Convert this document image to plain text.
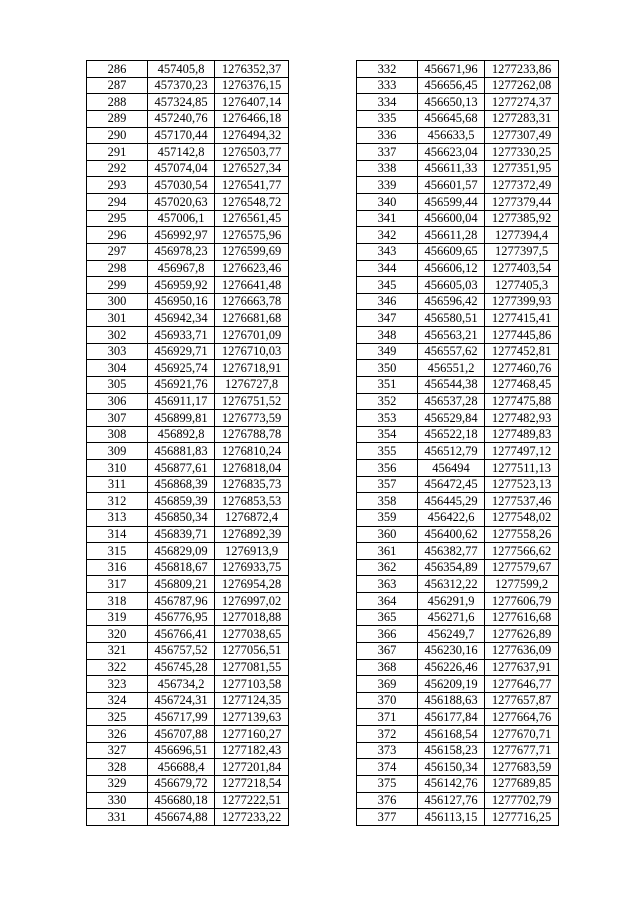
286	457405,8	1276352,37
287	457370,23	1276376,15
288	457324,85	1276407,14
289	457240,76	1276466,18
290	457170,44	1276494,32
291	457142,8	1276503,77
292	457074,04	1276527,34
293	457030,54	1276541,77
294	457020,63	1276548,72
295	457006,1	1276561,45
296	456992,97	1276575,96
297	456978,23	1276599,69
298	456967,8	1276623,46
299	456959,92	1276641,48
300	456950,16	1276663,78
301	456942,34	1276681,68
302	456933,71	1276701,09
303	456929,71	1276710,03
304	456925,74	1276718,91
305	456921,76	1276727,8
306	456911,17	1276751,52
307	456899,81	1276773,59
308	456892,8	1276788,78
309	456881,83	1276810,24
310	456877,61	1276818,04
311	456868,39	1276835,73
312	456859,39	1276853,53
313	456850,34	1276872,4
314	456839,71	1276892,39
315	456829,09	1276913,9
316	456818,67	1276933,75
317	456809,21	1276954,28
318	456787,96	1276997,02
319	456776,95	1277018,88
320	456766,41	1277038,65
321	456757,52	1277056,51
322	456745,28	1277081,55
323	456734,2	1277103,58
324	456724,31	1277124,35
325	456717,99	1277139,63
326	456707,88	1277160,27
327	456696,51	1277182,43
328	456688,4	1277201,84
329	456679,72	1277218,54
330	456680,18	1277222,51
331	456674,88	1277233,22
332	456671,96	1277233,86
333	456656,45	1277262,08
334	456650,13	1277274,37
335	456645,68	1277283,31
336	456633,5	1277307,49
337	456623,04	1277330,25
338	456611,33	1277351,95
339	456601,57	1277372,49
340	456599,44	1277379,44
341	456600,04	1277385,92
342	456611,28	1277394,4
343	456609,65	1277397,5
344	456606,12	1277403,54
345	456605,03	1277405,3
346	456596,42	1277399,93
347	456580,51	1277415,41
348	456563,21	1277445,86
349	456557,62	1277452,81
350	456551,2	1277460,76
351	456544,38	1277468,45
352	456537,28	1277475,88
353	456529,84	1277482,93
354	456522,18	1277489,83
355	456512,79	1277497,12
356	456494	1277511,13
357	456472,45	1277523,13
358	456445,29	1277537,46
359	456422,6	1277548,02
360	456400,62	1277558,26
361	456382,77	1277566,62
362	456354,89	1277579,67
363	456312,22	1277599,2
364	456291,9	1277606,79
365	456271,6	1277616,68
366	456249,7	1277626,89
367	456230,16	1277636,09
368	456226,46	1277637,91
369	456209,19	1277646,77
370	456188,63	1277657,87
371	456177,84	1277664,76
372	456168,54	1277670,71
373	456158,23	1277677,71
374	456150,34	1277683,59
375	456142,76	1277689,85
376	456127,76	1277702,79
377	456113,15	1277716,25
